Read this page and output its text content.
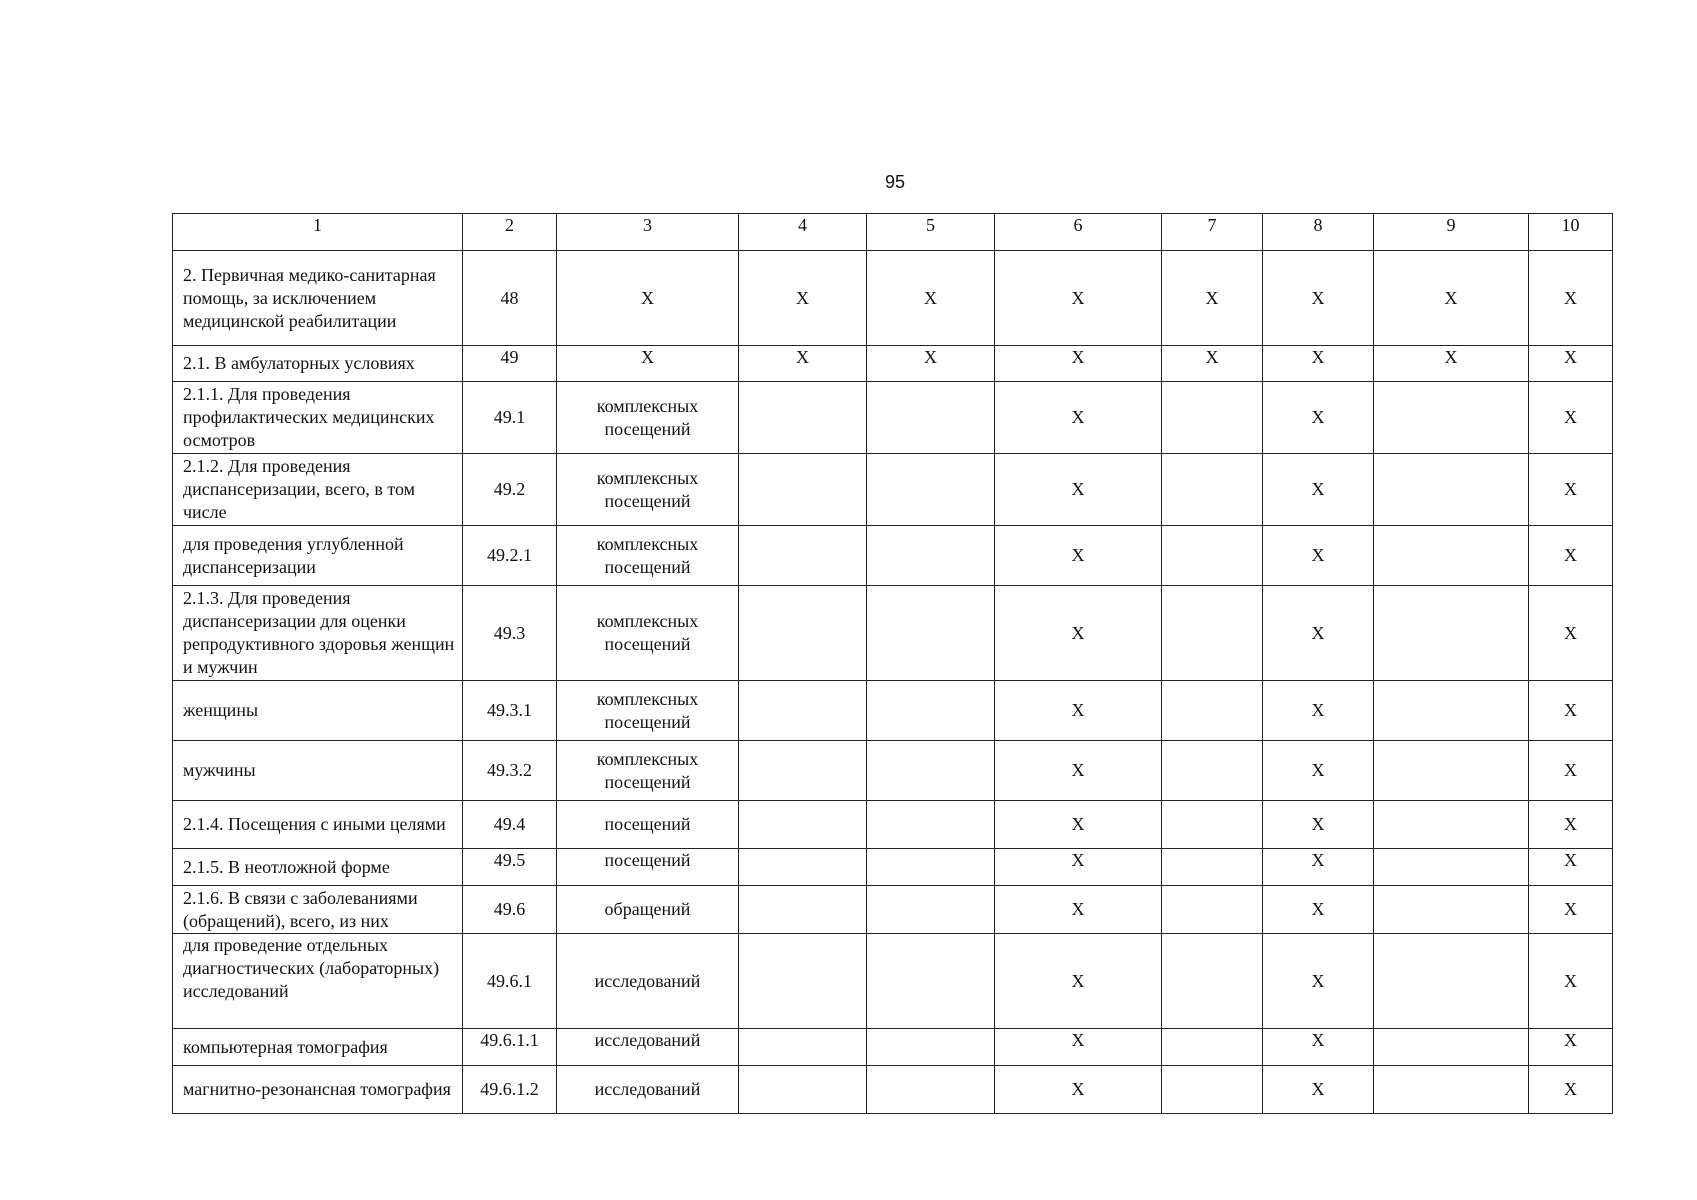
95
1	2	3	4	5	6	7	8	9	10
2. Первичная медико-санитарная помощь, за исключением медицинской реабилитации	48	X	X	X	X	X	X	X	X
2.1. В амбулаторных условиях	49	X	X	X	X	X	X	X	X
2.1.1. Для проведения профилактических медицинских осмотров	49.1	комплексных посещений			X		X		X
2.1.2. Для проведения диспансеризации, всего, в том числе	49.2	комплексных посещений			X		X		X
для проведения углубленной диспансеризации	49.2.1	комплексных посещений			X		X		X
2.1.3. Для проведения диспансеризации для оценки репродуктивного здоровья женщин и мужчин	49.3	комплексных посещений			X		X		X
женщины	49.3.1	комплексных посещений			X		X		X
мужчины	49.3.2	комплексных посещений			X		X		X
2.1.4. Посещения с иными целями	49.4	посещений			X		X		X
2.1.5. В неотложной форме	49.5	посещений			X		X		X
2.1.6. В связи с заболеваниями (обращений), всего, из них	49.6	обращений			X		X		X
для проведение отдельных диагностических (лабораторных) исследований	49.6.1	исследований			X		X		X
компьютерная томография	49.6.1.1	исследований			X		X		X
магнитно-резонансная томография	49.6.1.2	исследований			X		X		X
